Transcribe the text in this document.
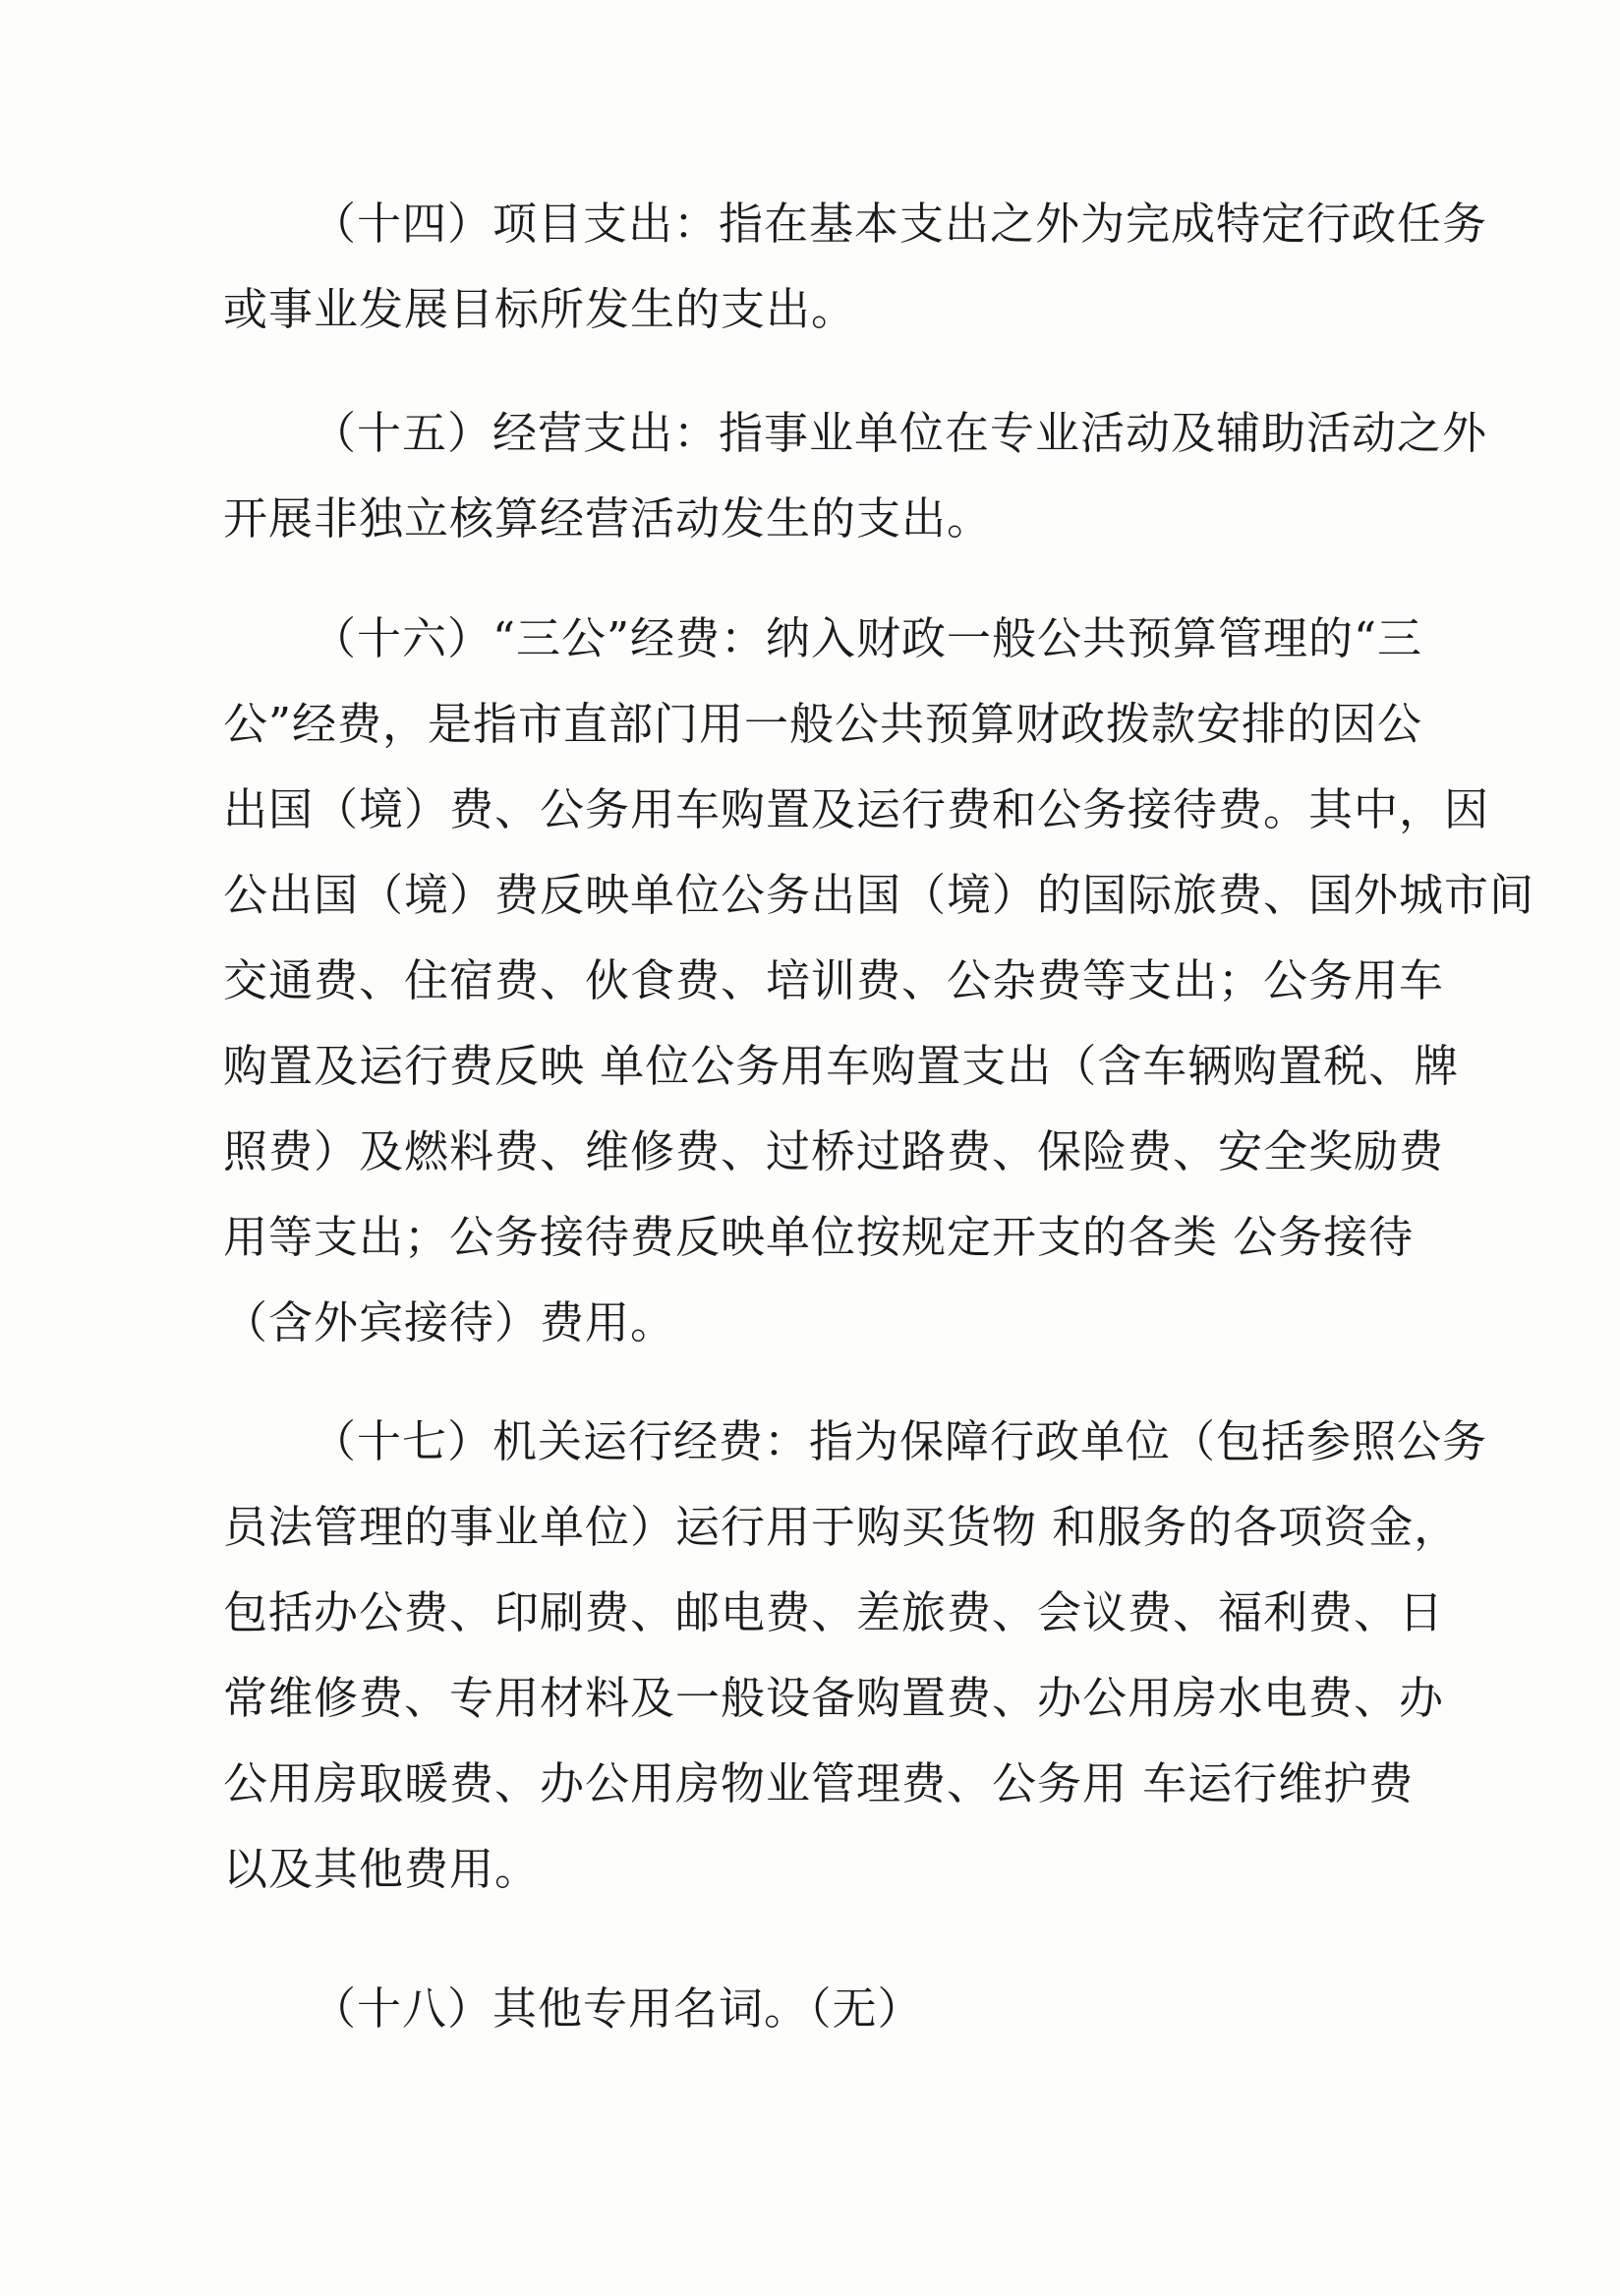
（十四）项目支出：指在基本支出之外为完成特定行政任务
或事业发展目标所发生的支出。
（十五）经营支出：指事业单位在专业活动及辅助活动之外
开展非独立核算经营活动发生的支出。
（十六）“三公”经费：纳入财政一般公共预算管理的“三
公”经费，是指市直部门用一般公共预算财政拨款安排的因公
出国（境）费、公务用车购置及运行费和公务接待费。其中，因
公出国（境）费反映单位公务出国（境）的国际旅费、国外城市间
交通费、住宿费、伙食费、培训费、公杂费等支出；公务用车
购置及运行费反映 单位公务用车购置支出（含车辆购置税、牌
照费）及燃料费、维修费、过桥过路费、保险费、安全奖励费
用等支出；公务接待费反映单位按规定开支的各类 公务接待
（含外宾接待）费用。
（十七）机关运行经费：指为保障行政单位（包括参照公务
员法管理的事业单位）运行用于购买货物 和服务的各项资金，
包括办公费、印刷费、邮电费、差旅费、会议费、福利费、日
常维修费、专用材料及一般设备购置费、办公用房水电费、办
公用房取暖费、办公用房物业管理费、公务用 车运行维护费
以及其他费用。
（十八）其他专用名词。（无）
